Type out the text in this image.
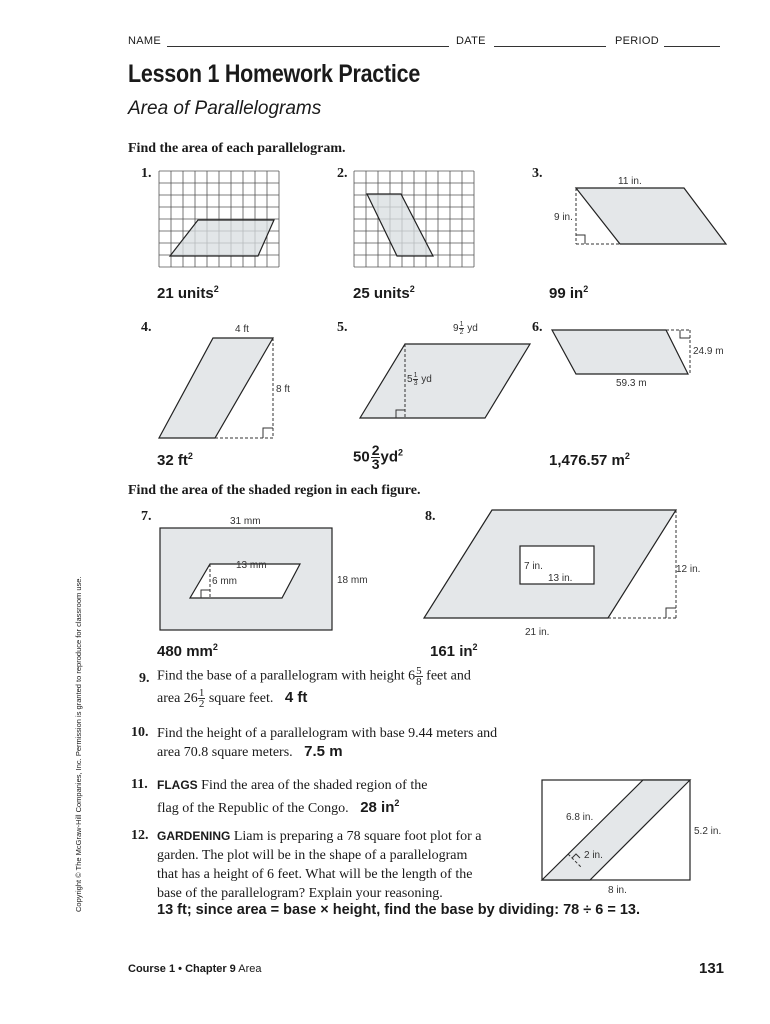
NAME	DATE	PERIOD
Lesson 1 Homework Practice
Area of Parallelograms
Find the area of each parallelogram.
1.	2.	3.
11 in.
9 in.
21 units$^2$	25 units$^2$	99 $in^2$
4.	5.	6.
4 ft
8 ft
$9 \frac{1}{2}$ yd
$5 \frac{1}{3}$ yd	59.3 m
24.9 m
32 $ft^2$	$50 \frac{2}{3}yd^2$	1,476.57 $m^2$
Find the area of the shaded region in each figure.
7.	8.
31 mm
13 mm
6 mm	18 mm
7 in.
13 in.
12 in.
21 in.
480 $mm^2$	161 $in^2$
9. Find the base of a parallelogram with height $6 \frac{5}{8}$ feet and
area $26 \frac{1}{2}$ square feet. 4 ft
10. Find the height of a parallelogram with base 9.44 meters and
area 70.8 square meters. 7.5 m
11. FLAGS Find the area of the shaded region of the
flag of the Republic of the Congo. 28 $in^2$
6.8 in.
5.2 in.
2 in.
8 in.
12. GARDENING Liam is preparing a 78 square foot plot for a
garden. The plot will be in the shape of a parallelogram
that has a height of 6 feet. What will be the length of the
base of the parallelogram? Explain your reasoning.
13 ft; since area = base × height, find the base by dividing: 78 ÷ 6 = 13.
Copyright © The McGraw-Hill Companies, Inc. Permission is granted to reproduce for classroom use.
Course 1 • Chapter 9 Area	131
